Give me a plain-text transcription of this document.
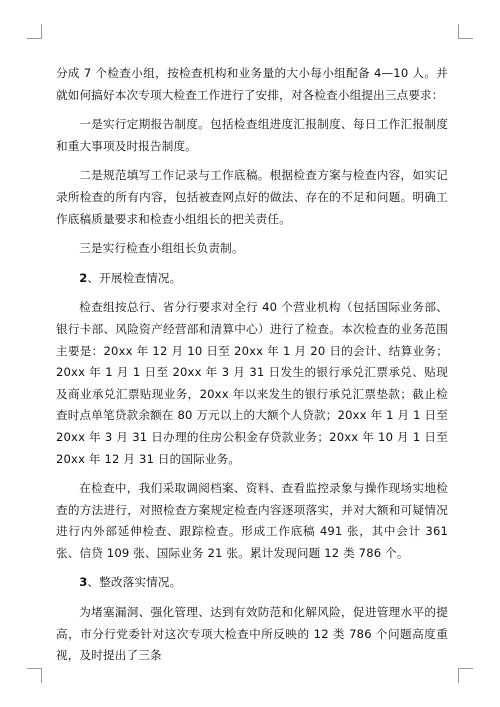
分成 7 个检查小组，按检查机构和业务量的大小每小组配备 4—10 人。并就如何搞好本次专项大检查工作进行了安排，对各检查小组提出三点要求：

一是实行定期报告制度。包括检查组进度汇报制度、每日工作汇报制度和重大事项及时报告制度。

二是规范填写工作记录与工作底稿。根据检查方案与检查内容，如实记录所检查的所有内容，包括被查网点好的做法、存在的不足和问题。明确工作底稿质量要求和检查小组组长的把关责任。

三是实行检查小组组长负责制。

2、开展检查情况。

检查组按总行、省分行要求对全行 40 个营业机构（包括国际业务部、银行卡部、风险资产经营部和清算中心）进行了检查。本次检查的业务范围主要是：20xx 年 12 月 10 日至 20xx 年 1 月 20 日的会计、结算业务；20xx 年 1 月 1 日至 20xx 年 3 月 31 日发生的银行承兑汇票承兑、贴现及商业承兑汇票贴现业务，20xx 年以来发生的银行承兑汇票垫款；截止检查时点单笔贷款余额在 80 万元以上的大额个人贷款；20xx 年 1 月 1 日至 20xx 年 3 月 31 日办理的住房公积金存贷款业务；20xx 年 10 月 1 日至 20xx 年 12 月 31 日的国际业务。

在检查中，我们采取调阅档案、资料、查看监控录象与操作现场实地检查的方法进行，对照检查方案规定检查内容逐项落实，并对大额和可疑情况进行内外部延伸检查、跟踪检查。形成工作底稿 491 张，其中会计 361 张、信贷 109 张、国际业务 21 张。累计发现问题 12 类 786 个。

3、整改落实情况。

为堵塞漏洞、强化管理、达到有效防范和化解风险，促进管理水平的提高，市分行党委针对这次专项大检查中所反映的 12 类 786 个问题高度重视，及时提出了三条
